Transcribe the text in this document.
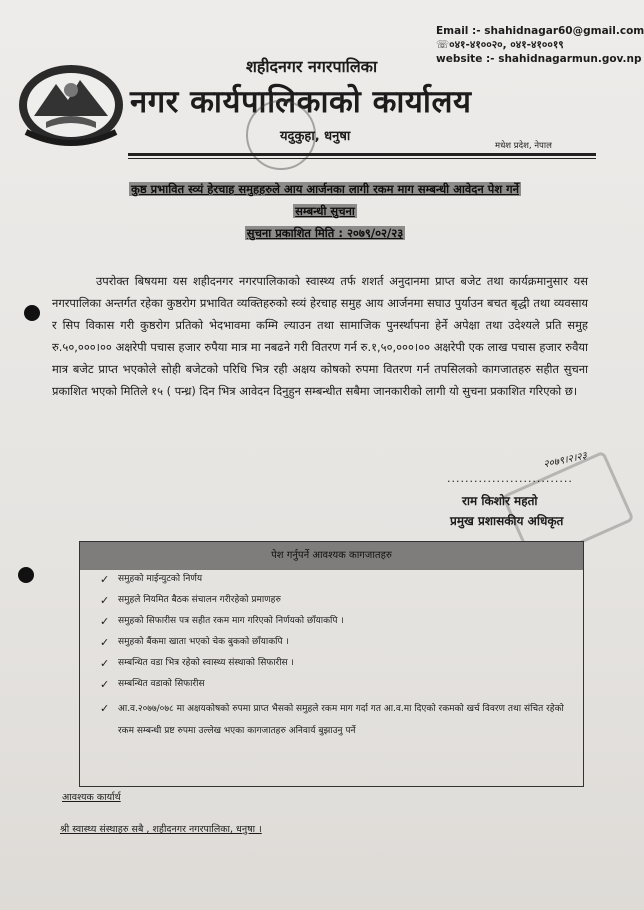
Email :- shahidnagar60@gmail.com
☏०४१-४१००२०, ०४१-४१००१९
website :- shahidnagarmun.gov.np
शहीदनगर नगरपालिका
नगर कार्यपालिकाको कार्यालय
यदुकुहा, धनुषा
मधेश प्रदेश, नेपाल
कुष्ठ प्रभावित स्व्यं हेरचाह समुहहरुले आय आर्जनका लागी रकम माग सम्बन्धी आवेदन पेश गर्ने
सम्बन्धी सुचना
सुचना प्रकाशित मिति : २०७९/०२/२३
उपरोक्त बिषयमा यस शहीदनगर नगरपालिकाको स्वास्थ्य तर्फ शशर्त अनुदानमा प्राप्त बजेट तथा कार्यक्रमानुसार यस नगरपालिका अन्तर्गत रहेका कुष्ठरोग प्रभावित व्यक्तिहरुको स्व्यं हेरचाह समुह आय आर्जनमा सघाउ पुर्याउन बचत बृद्धी तथा व्यवसाय र सिप विकास गरी कुष्ठरोग प्रतिको भेदभावमा कम्मि ल्याउन तथा सामाजिक पुनर्स्थापना हेर्ने अपेक्षा तथा उदेश्यले प्रति समुह रु.५०,०००।०० अक्षरेपी पचास हजार रुपैया मात्र मा नबढने गरी वितरण गर्न रु.१,५०,०००।०० अक्षरेपी एक लाख पचास हजार रुवैया मात्र बजेट प्राप्त भएकोले सोही बजेटको परिधि भित्र रही अक्षय कोषको रुपमा वितरण गर्न तपसिलको कागजातहरु सहीत सुचना प्रकाशित भएको मितिले १५ ( पन्ध्र) दिन भित्र आवेदन दिनुहुन सम्बन्धीत सबैमा जानकारीको लागी यो सुचना प्रकाशित गरिएको छ।
............................
२०७९।२।२३
राम किशोर महतो
प्रमुख प्रशासकीय अधिकृत
पेश गर्नुपर्ने आवश्यक कागजातहरु
✓ समुहको माईन्युटको निर्णय
✓ समुहले नियमित बैठक संचालन गरीरहेको प्रमाणहरु
✓ समुहको सिफारीस पत्र सहीत रकम माग गरिएको निर्णयको छाँयाकपि ।
✓ समुहको बैंकमा खाता भएको चेक बुकको छाँयाकपि ।
✓ सम्बन्धित वडा भित्र रहेको स्वास्थ्य संस्थाको सिफारीस ।
✓ सम्बन्धित वडाको सिफारीस
✓ आ.व.२०७७/०७८ मा अक्षयकोषको रुपमा प्राप्त भैसको समुहले रकम माग गर्दा गत आ.व.मा दिएको रकमको खर्च विवरण तथा संचित रहेको रकम सम्बन्धी प्रष्ट रुपमा उल्लेख भएका कागजातहरु अनिवार्य बुझाउनु पर्ने
आवश्यक कार्यार्थ
श्री स्वास्थ्य संस्थाहरु सबै , शहीदनगर नगरपालिका, धनुषा ।
